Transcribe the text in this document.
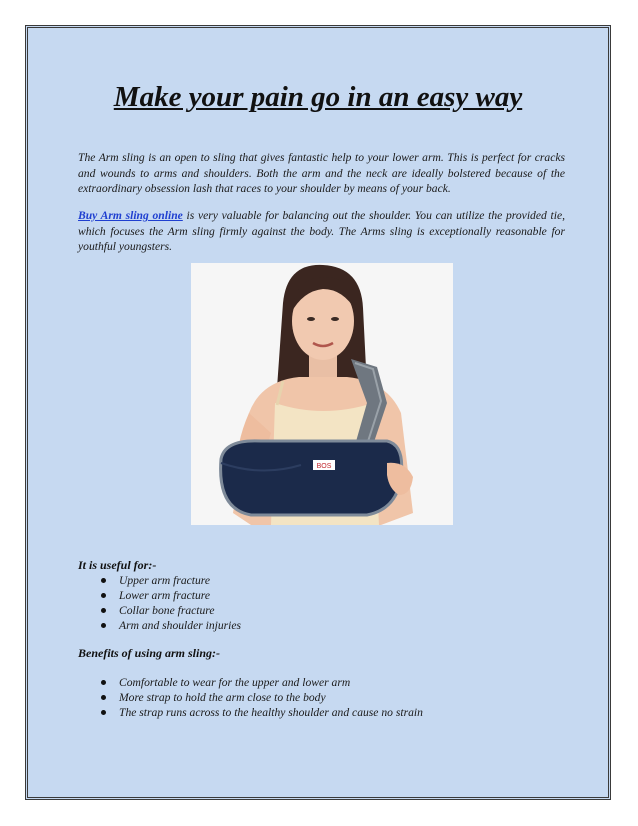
Make your pain go in an easy way

The Arm sling is an open to sling that gives fantastic help to your lower arm. This is perfect for cracks and wounds to arms and shoulders. Both the arm and the neck are ideally bolstered because of the extraordinary obsession lash that races to your shoulder by means of your back.

Buy Arm sling online is very valuable for balancing out the shoulder. You can utilize the provided tie, which focuses the Arm sling firmly against the body. The Arms sling is exceptionally reasonable for youthful youngsters.

BOS

It is useful for:-

Upper arm fracture
Lower arm fracture
Collar bone fracture
Arm and shoulder injuries

Benefits of using arm sling:-

Comfortable to wear for the upper and lower arm
More strap to hold the arm close to the body
The strap runs across to the healthy shoulder and cause no strain
